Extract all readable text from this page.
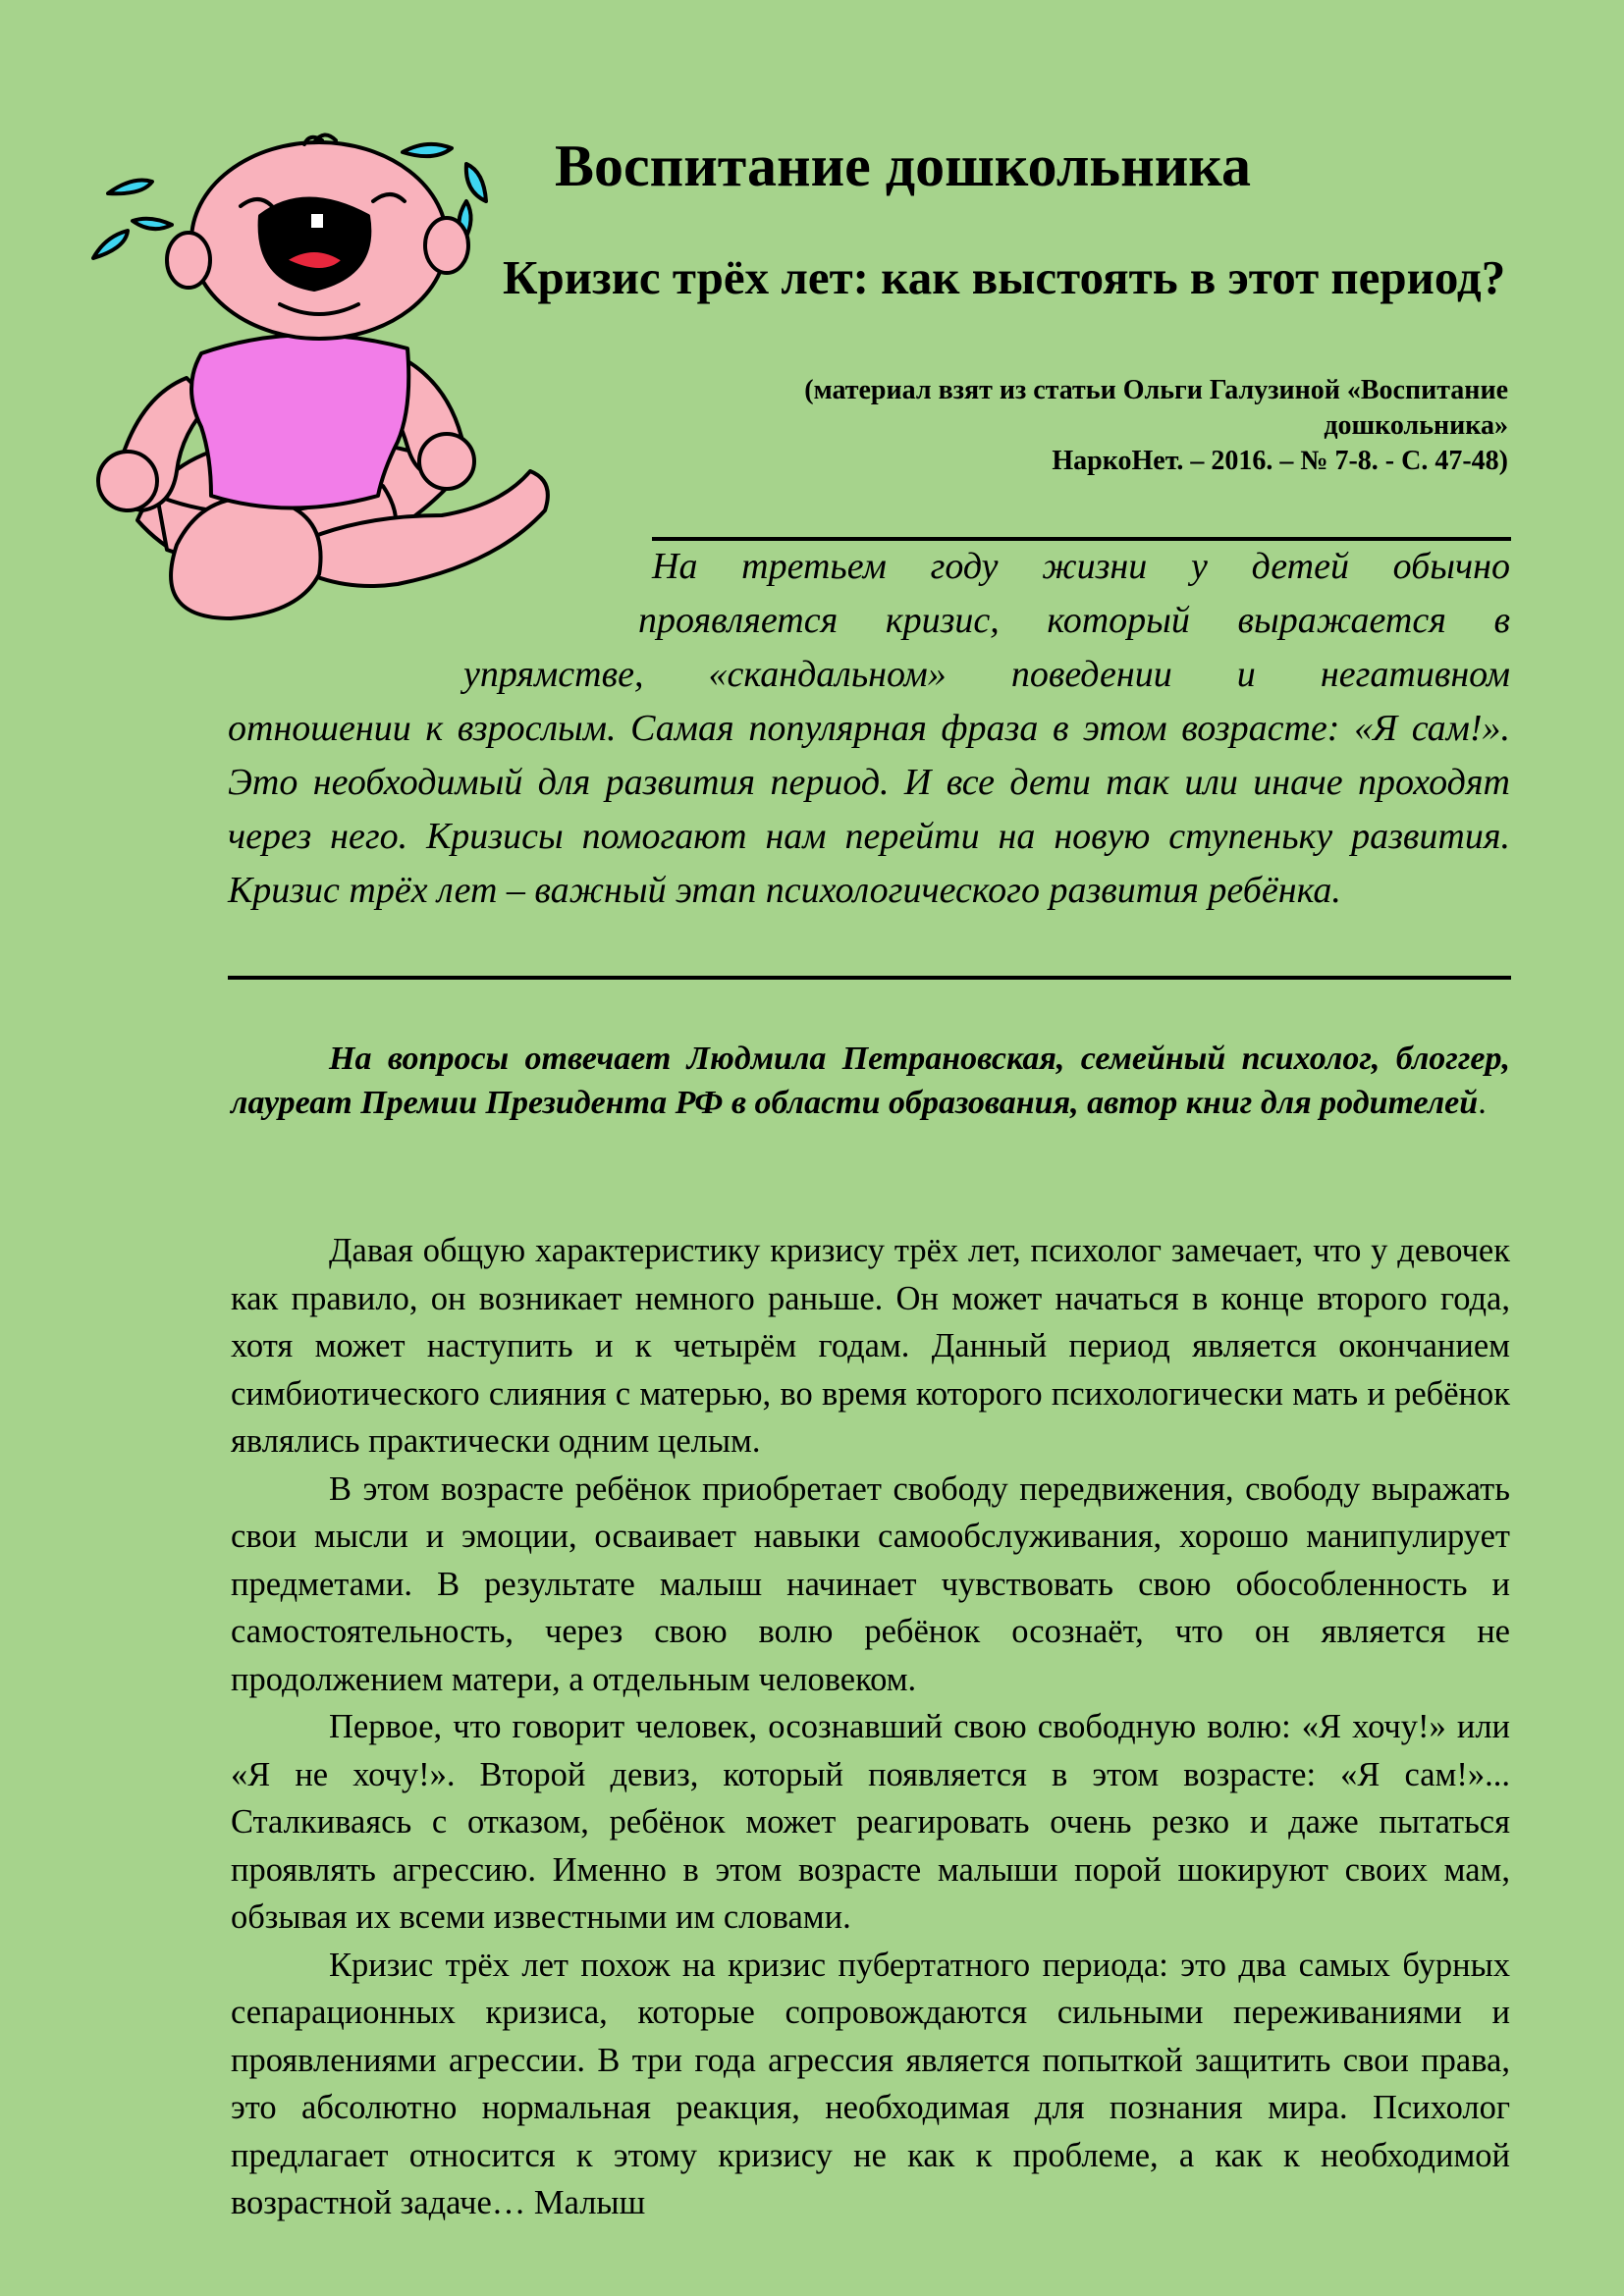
Воспитание дошкольника
Кризис трёх лет: как выстоять в этот период?
(материал взят из статьи Ольги Галузиной «Воспитание
дошкольника»
НаркоНет. – 2016. – № 7-8. - С. 47-48)
На третьем году жизни у детей обычно
проявляется кризис, который выражается в
упрямстве, «скандальном» поведении и негативном
отношении к взрослым. Самая популярная фраза в этом возрасте: «Я сам!». Это необходимый для развития период. И все дети так или иначе проходят через него. Кризисы помогают нам перейти на новую ступеньку развития. Кризис трёх лет – важный этап психологического развития ребёнка.

На вопросы отвечает Людмила Петрановская, семейный психолог, блоггер, лауреат Премии Президента РФ в области образования, автор книг для родителей.

Давая общую характеристику кризису трёх лет, психолог замечает, что у девочек как правило, он возникает немного раньше. Он может начаться в конце второго года, хотя может наступить и к четырём годам. Данный период является окончанием симбиотического слияния с матерью, во время которого психологически мать и ребёнок являлись практически одним целым.

В этом возрасте ребёнок приобретает свободу передвижения, свободу выражать свои мысли и эмоции, осваивает навыки самообслуживания, хорошо манипулирует предметами. В результате малыш начинает чувствовать свою обособленность и самостоятельность, через свою волю ребёнок осознаёт, что он является не продолжением матери, а отдельным человеком.

Первое, что говорит человек, осознавший свою свободную волю: «Я хочу!» или «Я не хочу!». Второй девиз, который появляется в этом возрасте: «Я сам!»... Сталкиваясь с отказом, ребёнок может реагировать очень резко и даже пытаться проявлять агрессию. Именно в этом возрасте малыши порой шокируют своих мам, обзывая их всеми известными им словами.

Кризис трёх лет похож на кризис пубертатного периода: это два самых бурных сепарационных кризиса, которые сопровождаются сильными переживаниями и проявлениями агрессии. В три года агрессия является попыткой защитить свои права, это абсолютно нормальная реакция, необходимая для познания мира. Психолог предлагает относится к этому кризису не как к проблеме, а как к необходимой возрастной задаче… Малыш
